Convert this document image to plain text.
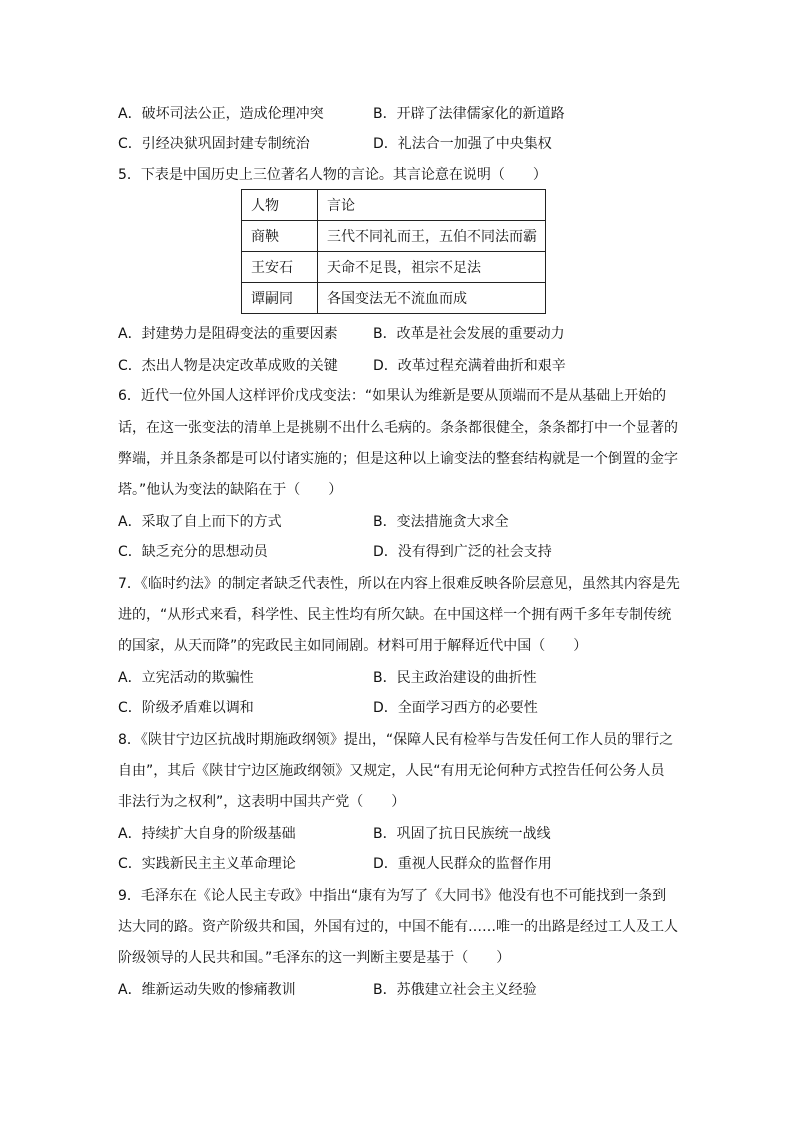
A．破坏司法公正，造成伦理冲突	B．开辟了法律儒家化的新道路
C．引经决狱巩固封建专制统治	D．礼法合一加强了中央集权
5．下表是中国历史上三位著名人物的言论。其言论意在说明（　　）
人物	言论
商鞅	三代不同礼而王，五伯不同法而霸
王安石	天命不足畏，祖宗不足法
谭嗣同	各国变法无不流血而成
A．封建势力是阻碍变法的重要因素	B．改革是社会发展的重要动力
C．杰出人物是决定改革成败的关键	D．改革过程充满着曲折和艰辛
6．近代一位外国人这样评价戊戌变法：“如果认为维新是要从顶端而不是从基础上开始的
话，在这一张变法的清单上是挑剔不出什么毛病的。条条都很健全，条条都打中一个显著的
弊端，并且条条都是可以付诸实施的；但是这种以上谕变法的整套结构就是一个倒置的金字
塔。”他认为变法的缺陷在于（　　）
A．采取了自上而下的方式	B．变法措施贪大求全
C．缺乏充分的思想动员	D．没有得到广泛的社会支持
7．《临时约法》的制定者缺乏代表性，所以在内容上很难反映各阶层意见，虽然其内容是先
进的，“从形式来看，科学性、民主性均有所欠缺。在中国这样一个拥有两千多年专制传统
的国家，从天而降”的宪政民主如同闹剧。材料可用于解释近代中国（　　）
A．立宪活动的欺骗性	B．民主政治建设的曲折性
C．阶级矛盾难以调和	D．全面学习西方的必要性
8．《陕甘宁边区抗战时期施政纲领》提出，“保障人民有检举与告发任何工作人员的罪行之
自由”，其后《陕甘宁边区施政纲领》又规定，人民“有用无论何种方式控告任何公务人员
非法行为之权利”，这表明中国共产党（　　）
A．持续扩大自身的阶级基础	B．巩固了抗日民族统一战线
C．实践新民主主义革命理论	D．重视人民群众的监督作用
9．毛泽东在《论人民主专政》中指出“康有为写了《大同书》他没有也不可能找到一条到
达大同的路。资产阶级共和国，外国有过的，中国不能有……唯一的出路是经过工人及工人
阶级领导的人民共和国。”毛泽东的这一判断主要是基于（　　）
A．维新运动失败的惨痛教训	B．苏俄建立社会主义经验
